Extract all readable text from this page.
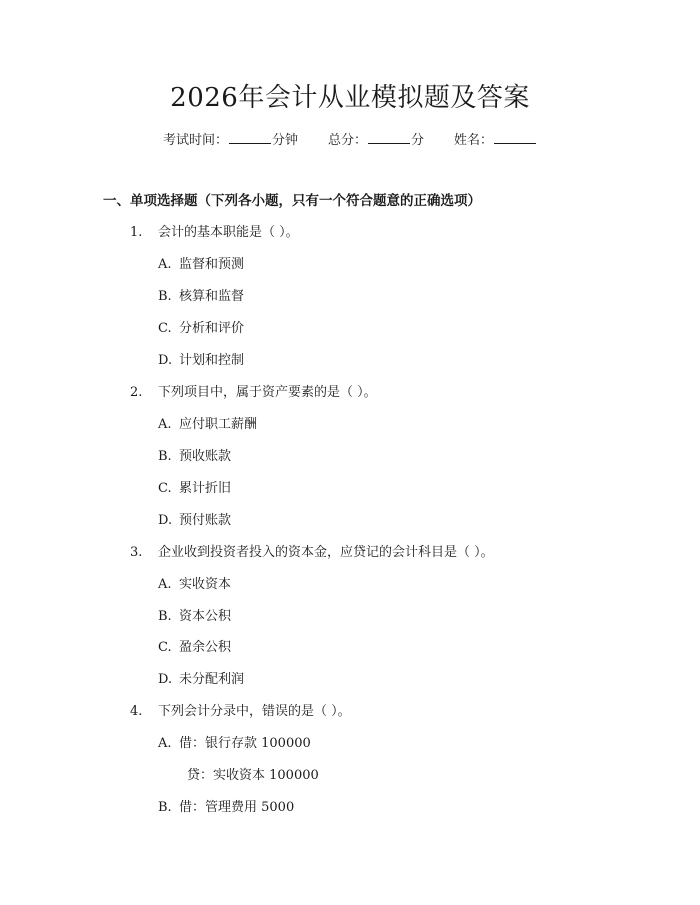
2026年会计从业模拟题及答案
考试时间：	分钟 总分：	分 姓名：
一、单项选择题（下列各小题，只有一个符合题意的正确选项）
1. 会计的基本职能是（ ）。
A. 监督和预测
B. 核算和监督
C. 分析和评价
D. 计划和控制
2. 下列项目中，属于资产要素的是（ ）。
A. 应付职工薪酬
B. 预收账款
C. 累计折旧
D. 预付账款
3. 企业收到投资者投入的资本金，应贷记的会计科目是（ ）。
A. 实收资本
B. 资本公积
C. 盈余公积
D. 未分配利润
4. 下列会计分录中，错误的是（ ）。
A. 借：银行存款 100000
贷：实收资本 100000
B. 借：管理费用 5000
